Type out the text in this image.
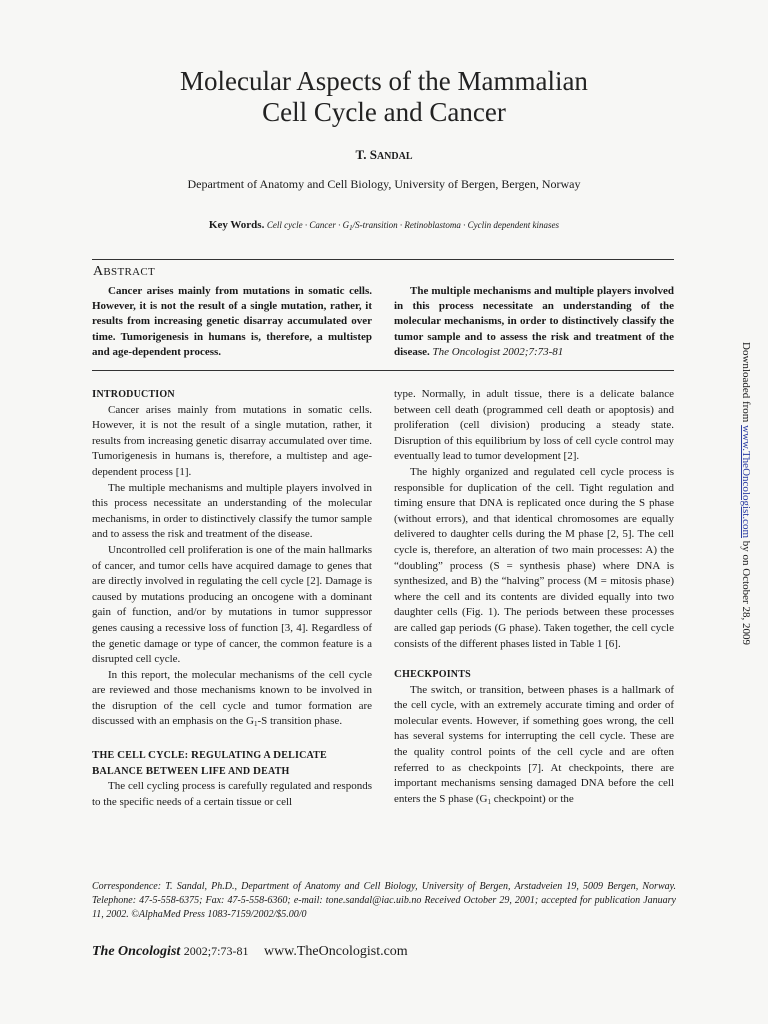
Molecular Aspects of the Mammalian
Cell Cycle and Cancer
T. SANDAL
Department of Anatomy and Cell Biology, University of Bergen, Bergen, Norway
Key Words. Cell cycle · Cancer · $G_1/S$-transition · Retinoblastoma · Cyclin dependent kinases
ABSTRACT
Cancer arises mainly from mutations in somatic cells. However, it is not the result of a single mutation, rather, it results from increasing genetic disarray accumulated over time. Tumorigenesis in humans is, therefore, a multistep and age-dependent process.
The multiple mechanisms and multiple players involved in this process necessitate an understanding of the molecular mechanisms, in order to distinctively classify the tumor sample and to assess the risk and treatment of the disease. The Oncologist 2002;7:73-81
INTRODUCTION

Cancer arises mainly from mutations in somatic cells. However, it is not the result of a single mutation, rather, it results from increasing genetic disarray accumulated over time. Tumorigenesis in humans is, therefore, a multistep and age-dependent process [1].

The multiple mechanisms and multiple players involved in this process necessitate an understanding of the molecular mechanisms, in order to distinctively classify the tumor sample and to assess the risk and treatment of the disease.

Uncontrolled cell proliferation is one of the main hallmarks of cancer, and tumor cells have acquired damage to genes that are directly involved in regulating the cell cycle [2]. Damage is caused by mutations producing an oncogene with a dominant gain of function, and/or by mutations in tumor suppressor genes causing a recessive loss of function [3, 4]. Regardless of the genetic damage or type of cancer, the common feature is a disrupted cell cycle.

In this report, the molecular mechanisms of the cell cycle are reviewed and those mechanisms known to be involved in the disruption of the cell cycle and tumor formation are discussed with an emphasis on the $G_1-S$ transition phase.

THE CELL CYCLE: REGULATING A DELICATE
BALANCE BETWEEN LIFE AND DEATH

The cell cycling process is carefully regulated and responds to the specific needs of a certain tissue or cell

type. Normally, in adult tissue, there is a delicate balance between cell death (programmed cell death or apoptosis) and proliferation (cell division) producing a steady state. Disruption of this equilibrium by loss of cell cycle control may eventually lead to tumor development [2].

The highly organized and regulated cell cycle process is responsible for duplication of the cell. Tight regulation and timing ensure that DNA is replicated once during the S phase (without errors), and that identical chromosomes are equally delivered to daughter cells during the M phase [2, 5]. The cell cycle is, therefore, an alteration of two main processes: A) the “doubling” process (S = synthesis phase) where DNA is synthesized, and B) the “halving” process (M = mitosis phase) where the cell and its contents are divided equally into two daughter cells (Fig. 1). The periods between these processes are called gap periods (G phase). Taken together, the cell cycle consists of the different phases listed in Table 1 [6].

CHECKPOINTS

The switch, or transition, between phases is a hallmark of the cell cycle, with an extremely accurate timing and order of molecular events. However, if something goes wrong, the cell has several systems for interrupting the cell cycle. These are the quality control points of the cell cycle and are often referred to as checkpoints [7]. At checkpoints, there are important mechanisms sensing damaged DNA before the cell enters the S phase ($G_1$ checkpoint) or the

Correspondence: T. Sandal, Ph.D., Department of Anatomy and Cell Biology, University of Bergen, Arstadveien 19, 5009 Bergen, Norway. Telephone: 47-5-558-6375; Fax: 47-5-558-6360; e-mail: tone.sandal@iac.uib.no Received October 29, 2001; accepted for publication January 11, 2002. ©AlphaMed Press 1083-7159/2002/$5.00/0
The Oncologist 2002;7:73-81 www.TheOncologist.com
Downloaded from www.TheOncologist.com by on October 28, 2009
